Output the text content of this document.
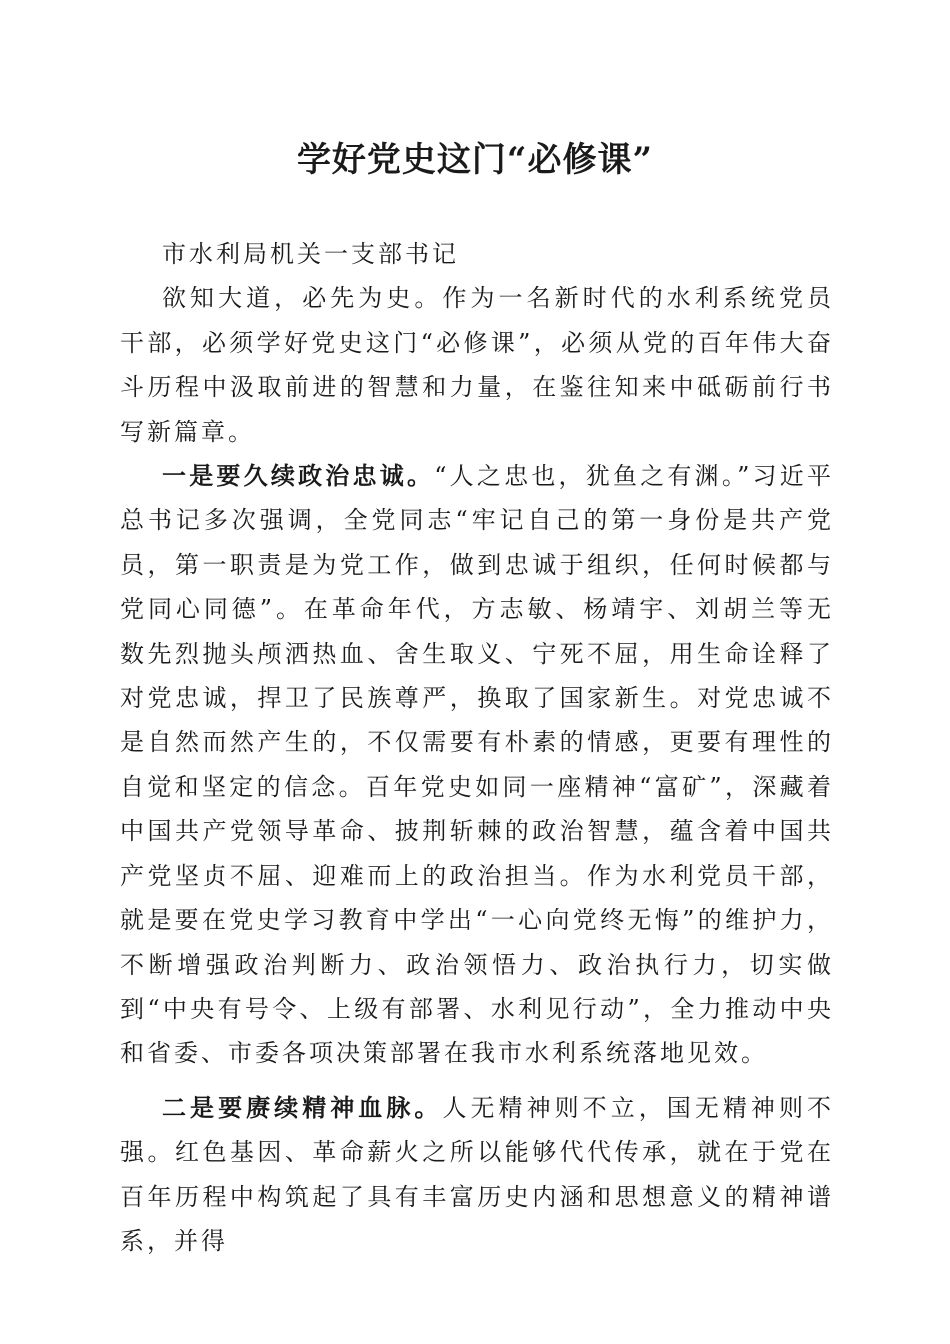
学好党史这门“必修课”

市水利局机关一支部书记

欲知大道，必先为史。作为一名新时代的水利系统党员干部，必须学好党史这门“必修课”，必须从党的百年伟大奋斗历程中汲取前进的智慧和力量，在鉴往知来中砥砺前行书写新篇章。

一是要久续政治忠诚。“人之忠也，犹鱼之有渊。”习近平总书记多次强调，全党同志“牢记自己的第一身份是共产党员，第一职责是为党工作，做到忠诚于组织，任何时候都与党同心同德”。在革命年代，方志敏、杨靖宇、刘胡兰等无数先烈抛头颅洒热血、舍生取义、宁死不屈，用生命诠释了对党忠诚，捍卫了民族尊严，换取了国家新生。对党忠诚不是自然而然产生的，不仅需要有朴素的情感，更要有理性的自觉和坚定的信念。百年党史如同一座精神“富矿”，深藏着中国共产党领导革命、披荆斩棘的政治智慧，蕴含着中国共产党坚贞不屈、迎难而上的政治担当。作为水利党员干部，就是要在党史学习教育中学出“一心向党终无悔”的维护力，不断增强政治判断力、政治领悟力、政治执行力，切实做到“中央有号令、上级有部署、水利见行动”，全力推动中央和省委、市委各项决策部署在我市水利系统落地见效。

二是要赓续精神血脉。人无精神则不立，国无精神则不强。红色基因、革命薪火之所以能够代代传承，就在于党在百年历程中构筑起了具有丰富历史内涵和思想意义的精神谱系，并得
